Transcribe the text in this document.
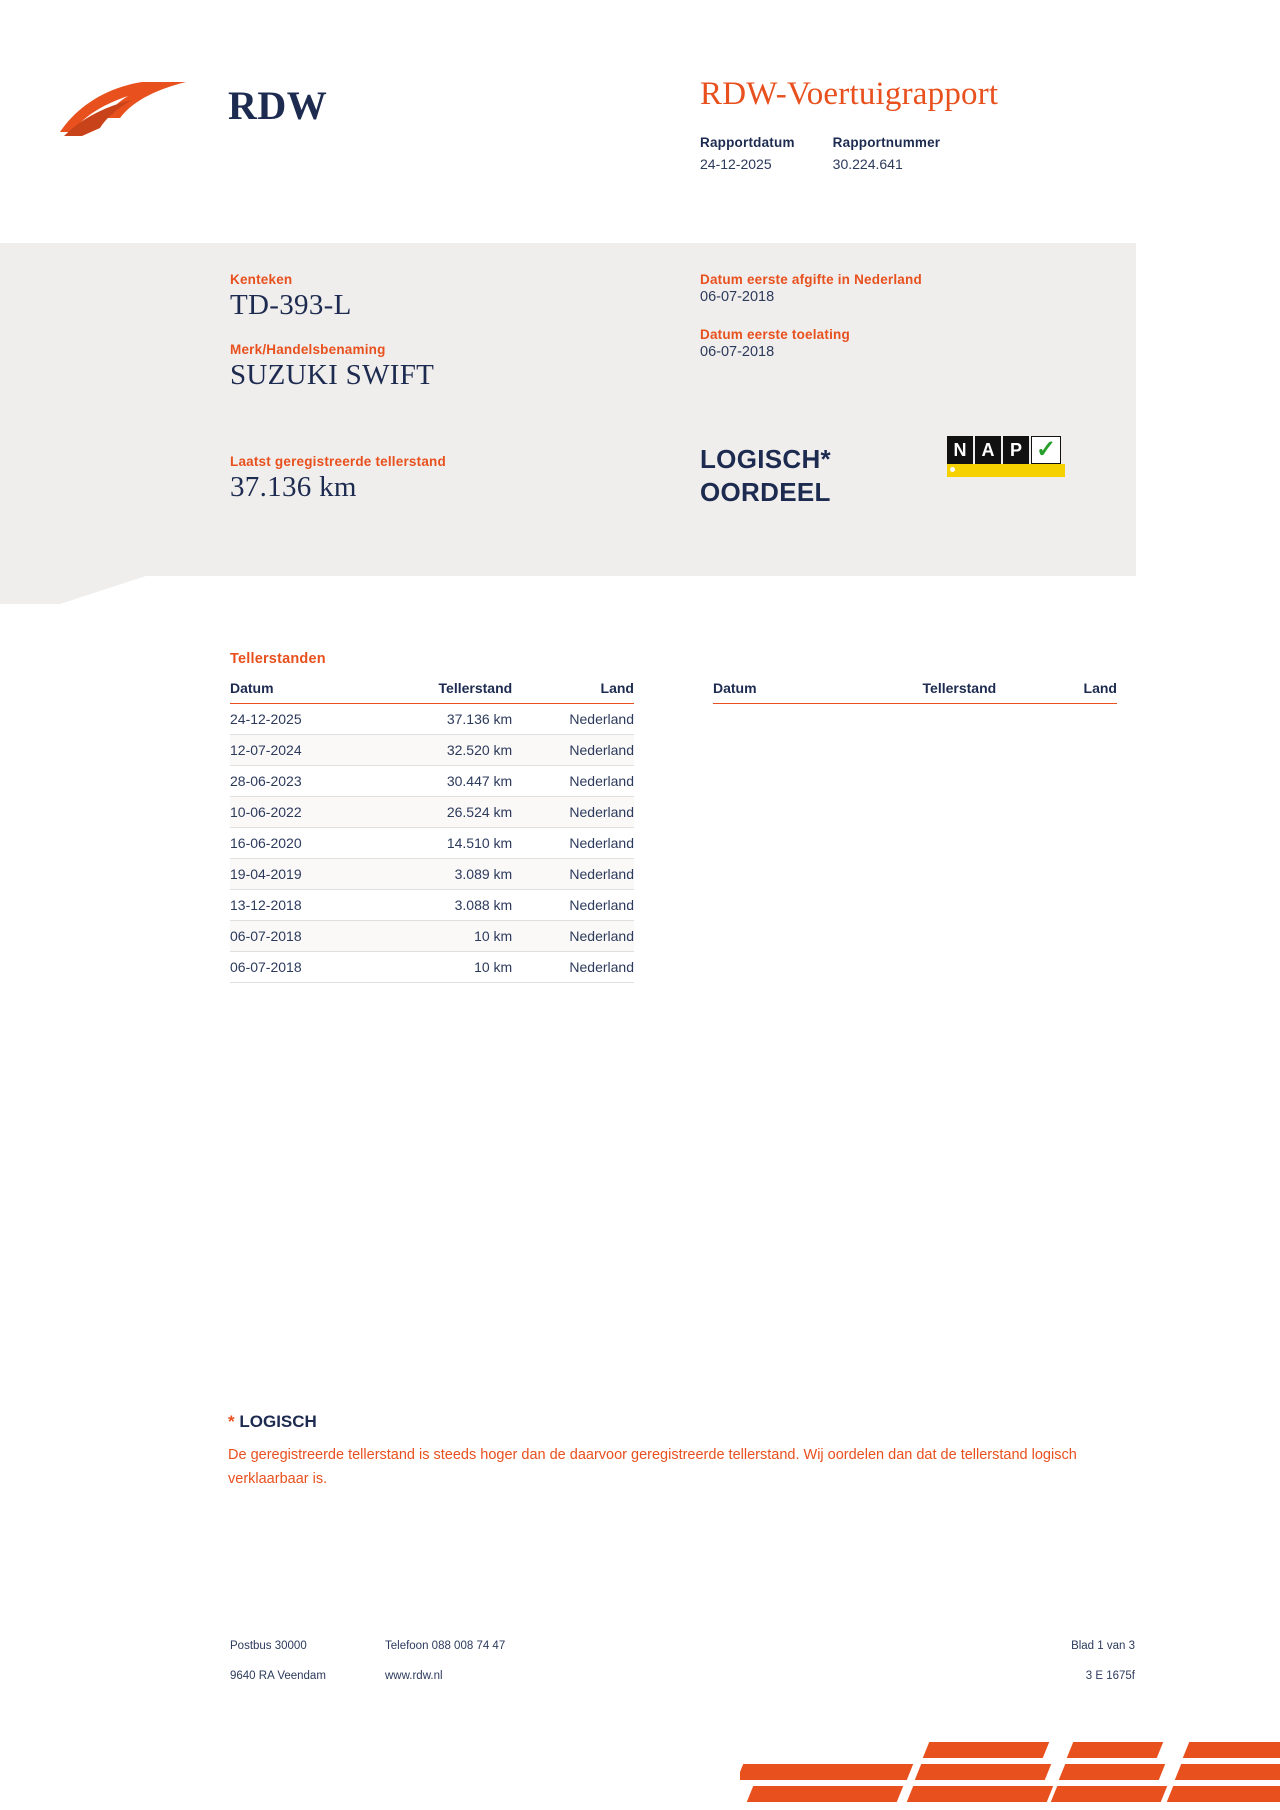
RDW	RDW-Voertuigrapport
Rapportdatum
24-12-2025
Rapportnummer
30.224.641
Kenteken
TD-393-L
Merk/Handelsbenaming
SUZUKI SWIFT
Laatst geregistreerde tellerstand
37.136 km
Datum eerste afgifte in Nederland
06-07-2018
Datum eerste toelating
06-07-2018
LOGISCH*
OORDEEL
N A P ✓
Tellerstanden
Datum	Tellerstand	Land
24-12-2025	37.136 km	Nederland
12-07-2024	32.520 km	Nederland
28-06-2023	30.447 km	Nederland
10-06-2022	26.524 km	Nederland
16-06-2020	14.510 km	Nederland
19-04-2019	3.089 km	Nederland
13-12-2018	3.088 km	Nederland
06-07-2018	10 km	Nederland
06-07-2018	10 km	Nederland
Datum	Tellerstand	Land
* LOGISCH
De geregistreerde tellerstand is steeds hoger dan de daarvoor geregistreerde tellerstand. Wij oordelen dan dat de tellerstand logisch verklaarbaar is.
Postbus 30000
9640 RA Veendam
Telefoon 088 008 74 47
www.rdw.nl
Blad 1 van 3
3 E 1675f
